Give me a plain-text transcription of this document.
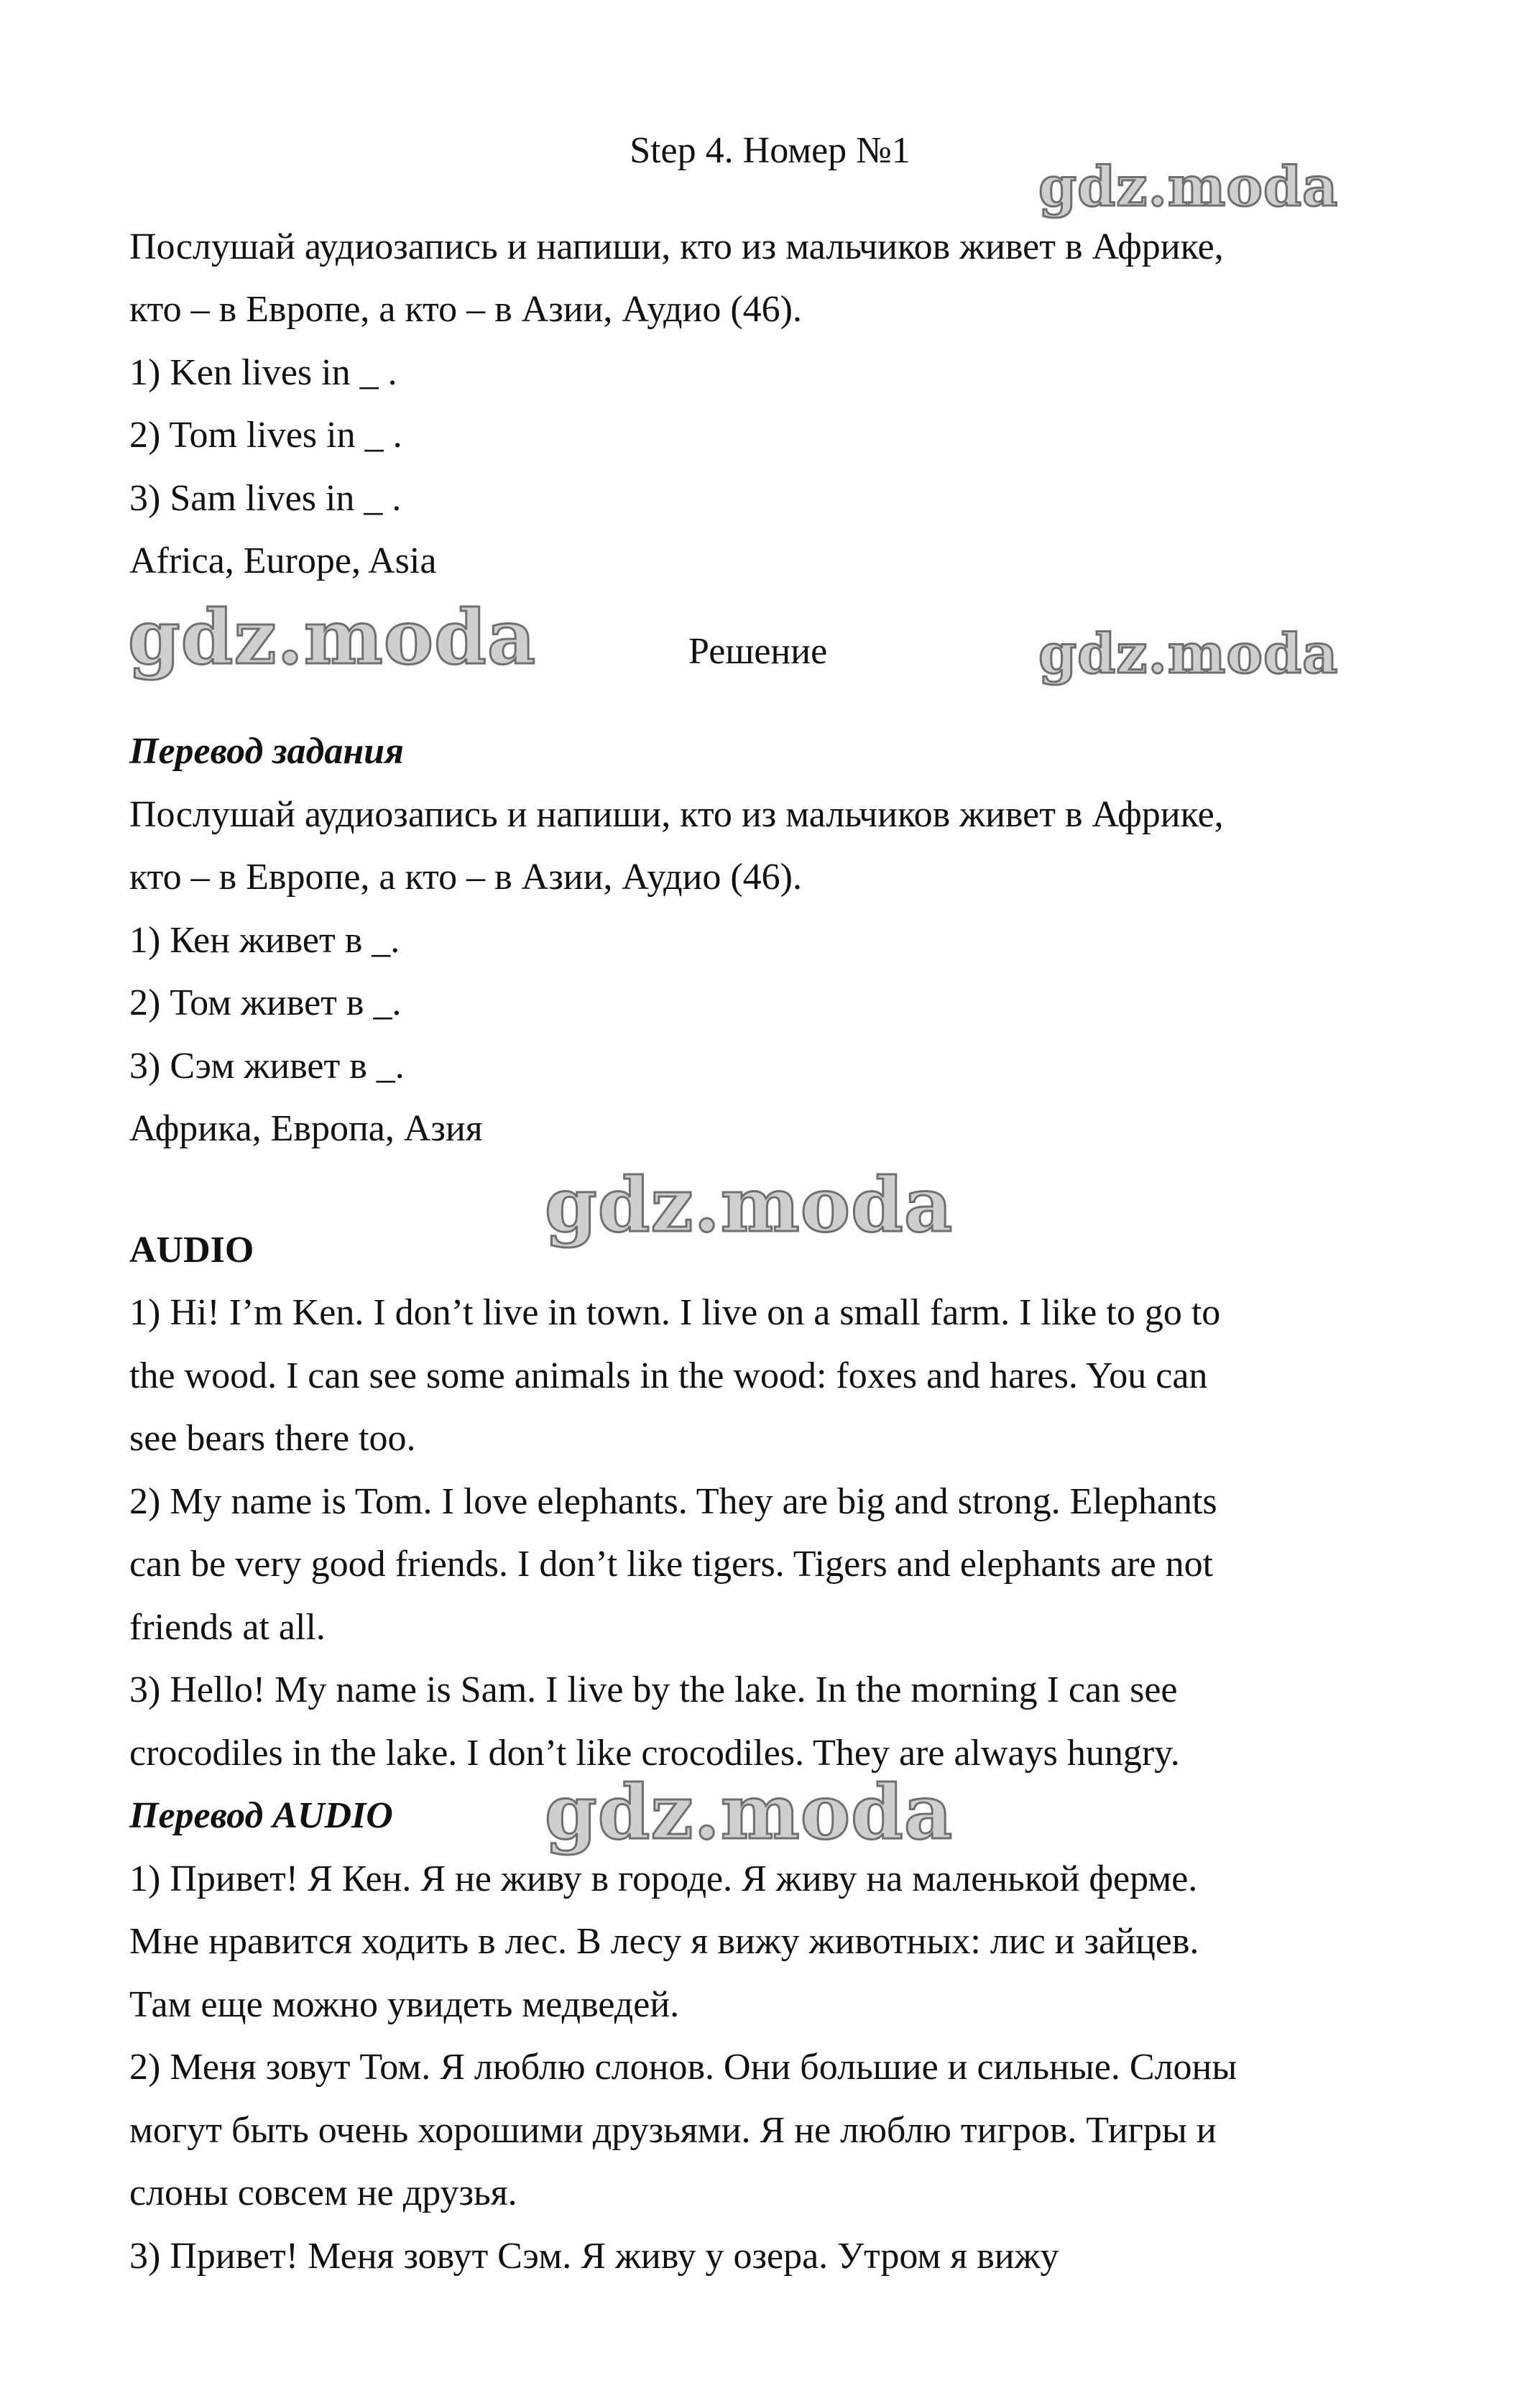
Step 4. Номер №1
Послушай аудиозапись и напиши, кто из мальчиков живет в Африке,
кто – в Европе, а кто – в Азии, Аудио (46).
1) Ken lives in _ .
2) Tom lives in _ .
3) Sam lives in _ .
Africa, Europe, Asia
Решение
Перевод задания
Послушай аудиозапись и напиши, кто из мальчиков живет в Африке,
кто – в Европе, а кто – в Азии, Аудио (46).
1) Кен живет в _.
2) Том живет в _.
3) Сэм живет в _.
Африка, Европа, Азия
AUDIO
1) Hi! I’m Ken. I don’t live in town. I live on a small farm. I like to go to
the wood. I can see some animals in the wood: foxes and hares. You can
see bears there too.
2) My name is Tom. I love elephants. They are big and strong. Elephants
can be very good friends. I don’t like tigers. Tigers and elephants are not
friends at all.
3) Hello! My name is Sam. I live by the lake. In the morning I can see
crocodiles in the lake. I don’t like crocodiles. They are always hungry.
Перевод AUDIO
1) Привет! Я Кен. Я не живу в городе. Я живу на маленькой ферме.
Мне нравится ходить в лес. В лесу я вижу животных: лис и зайцев.
Там еще можно увидеть медведей.
2) Меня зовут Том. Я люблю слонов. Они большие и сильные. Слоны
могут быть очень хорошими друзьями. Я не люблю тигров. Тигры и
слоны совсем не друзья.
3) Привет! Меня зовут Сэм. Я живу у озера. Утром я вижу
gdz.moda
gdz.moda	gdz.moda
gdz.moda
gdz.moda
